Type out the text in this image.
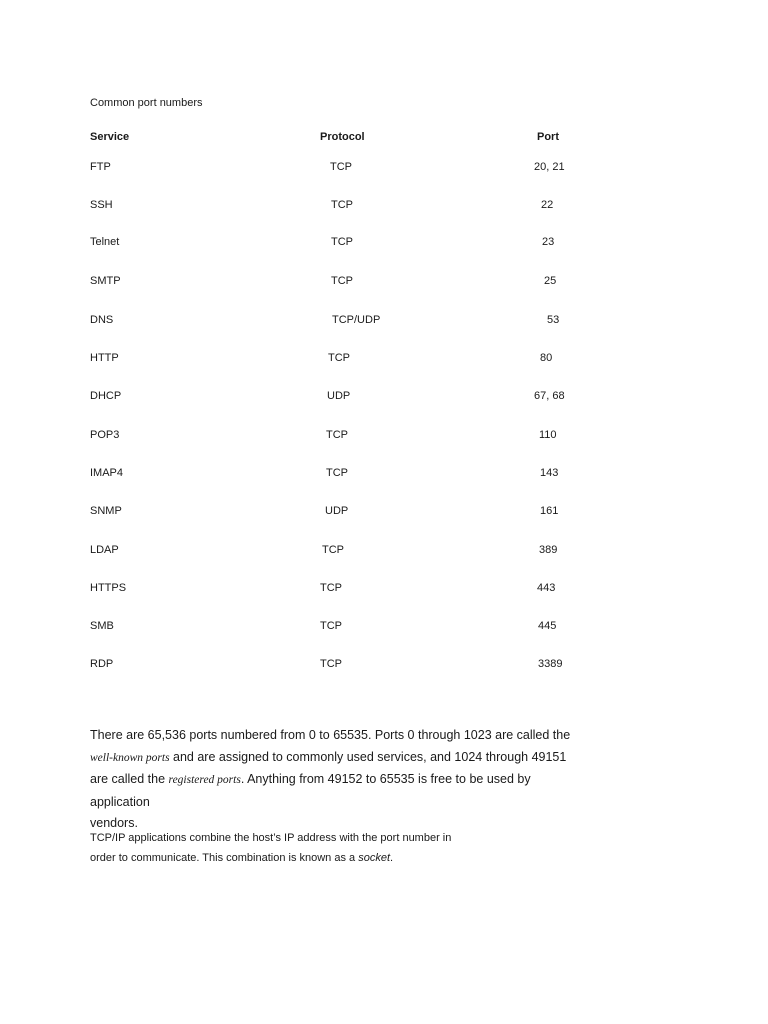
Common port numbers
Service	Protocol	Port
FTP	TCP	20, 21
SSH	TCP	22
Telnet	TCP	23
SMTP	TCP	25
DNS	TCP/UDP	53
HTTP	TCP	80
DHCP	UDP	67, 68
POP3	TCP	110
IMAP4	TCP	143
SNMP	UDP	161
LDAP	TCP	389
HTTPS	TCP	443
SMB	TCP	445
RDP	TCP	3389
There are 65,536 ports numbered from 0 to 65535. Ports 0 through 1023 are called the
well-known ports and are assigned to commonly used services, and 1024 through 49151
are called the registered ports. Anything from 49152 to 65535 is free to be used by application
vendors.
TCP/IP applications combine the host’s IP address with the port number in
order to communicate. This combination is known as a socket.
